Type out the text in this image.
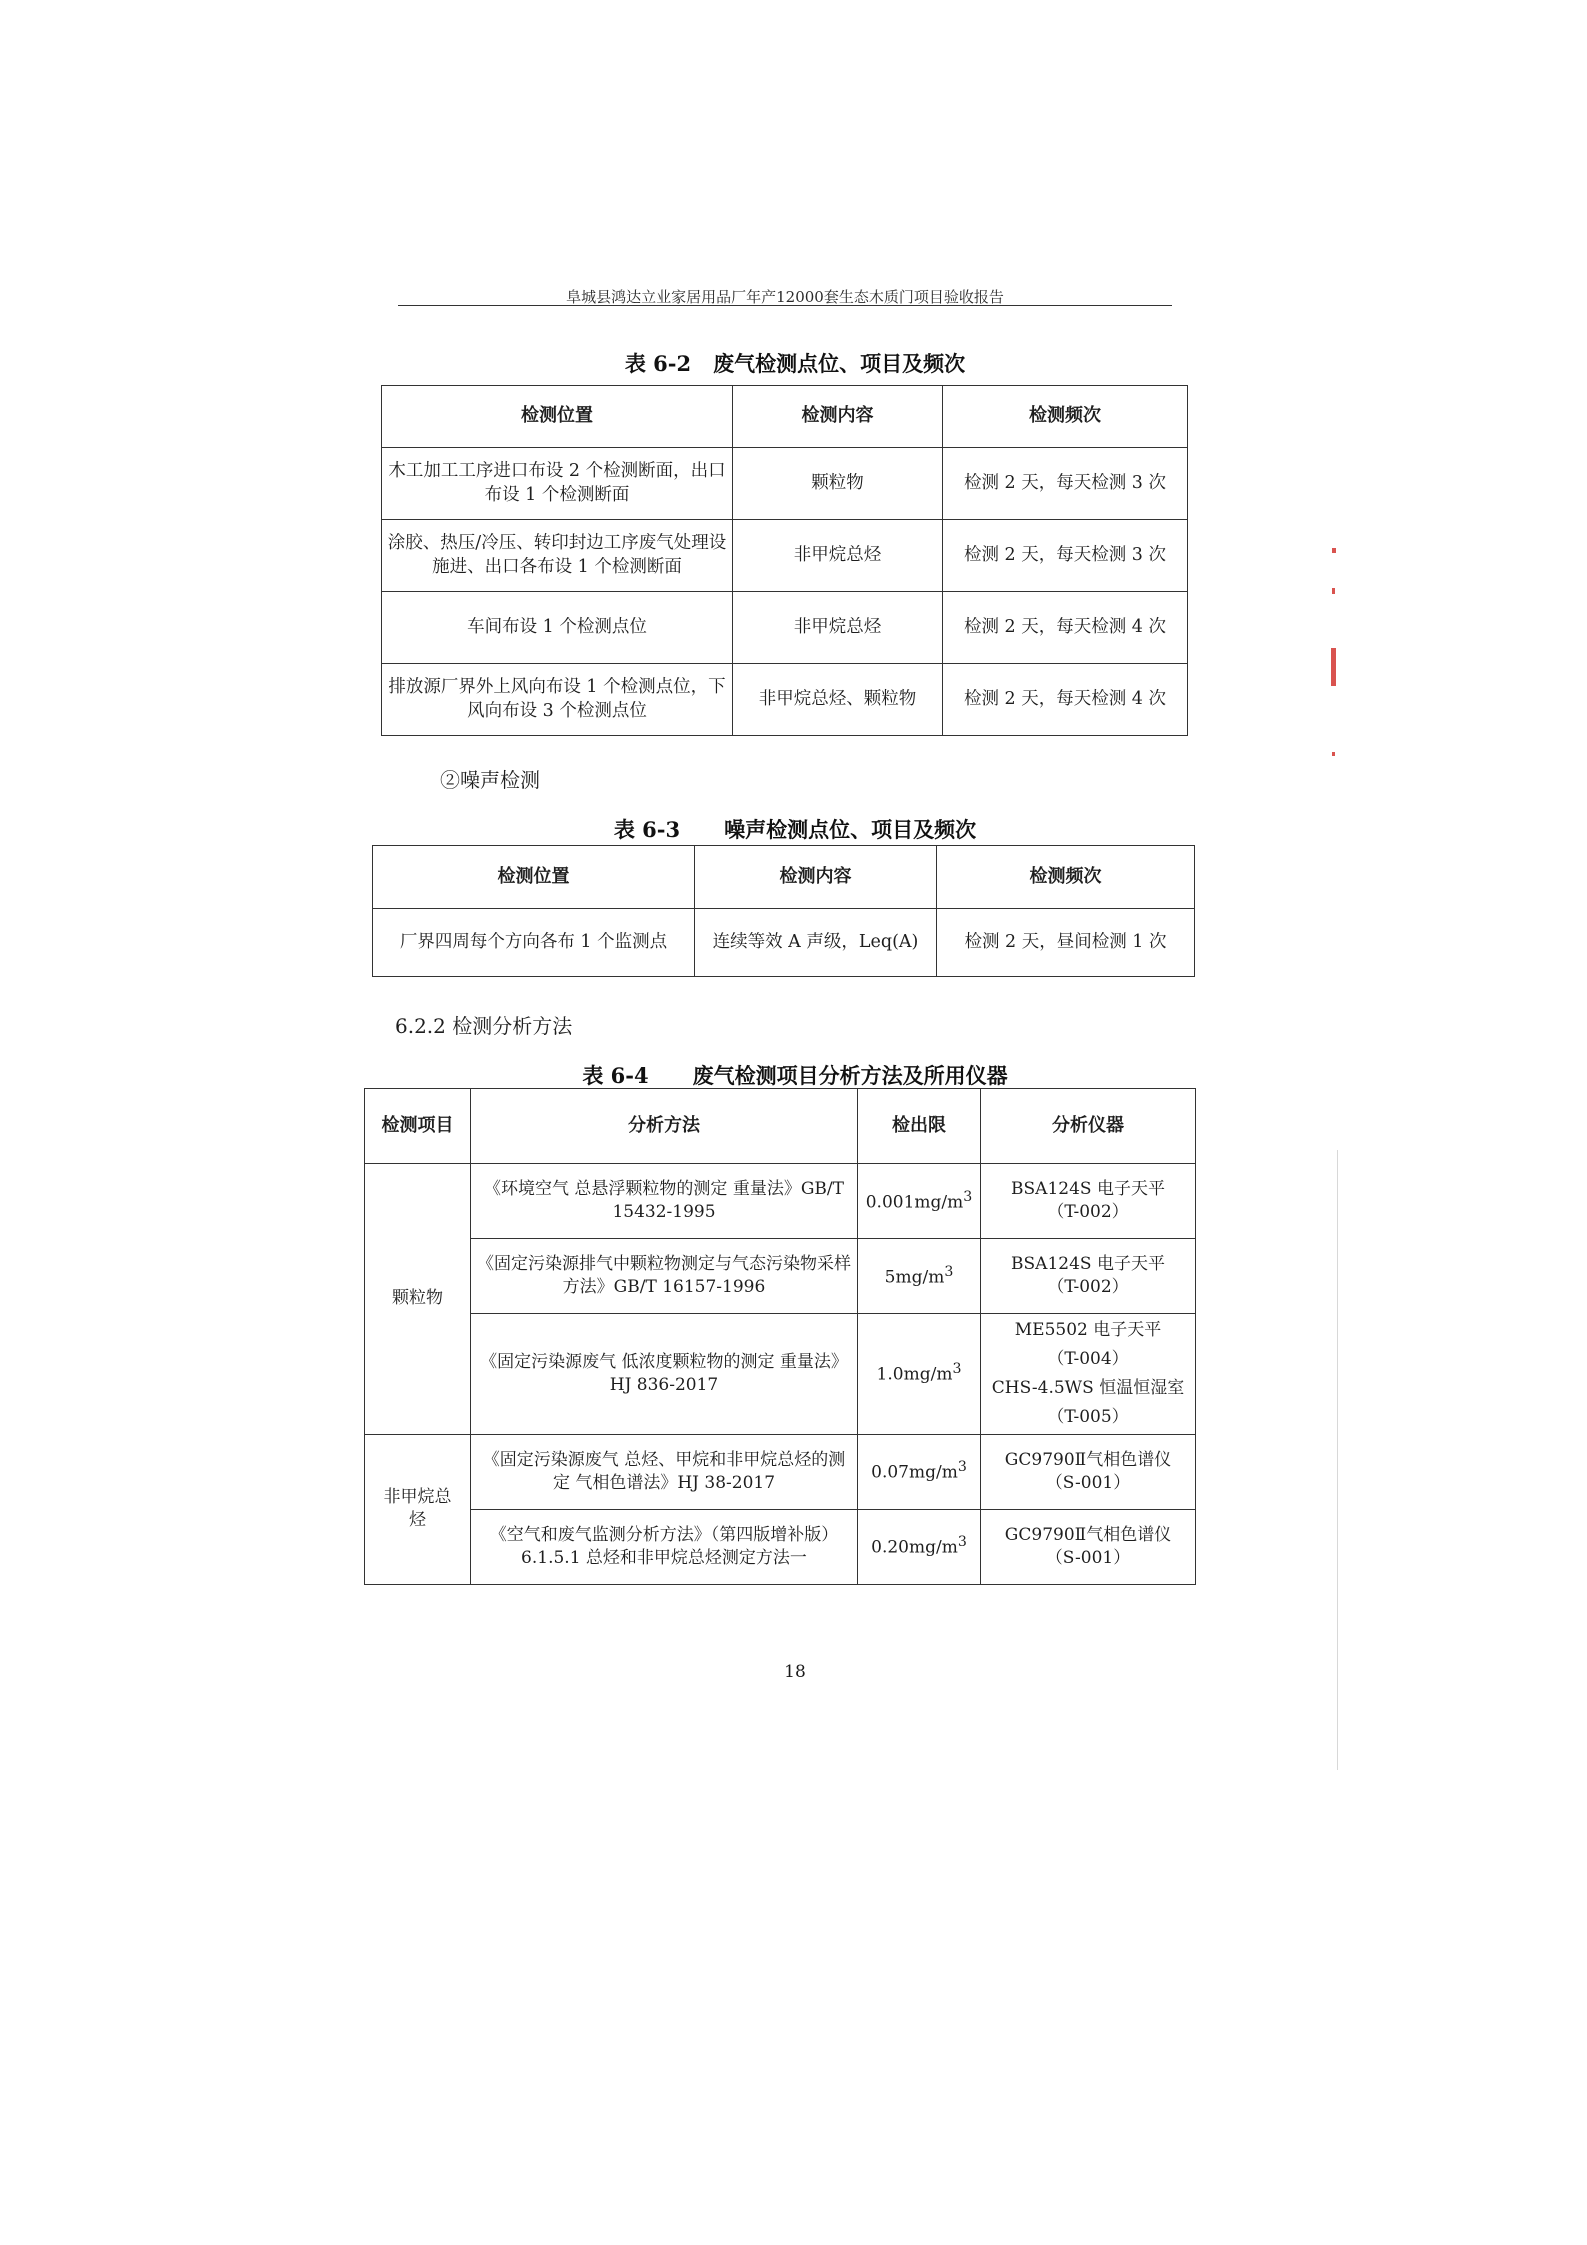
阜城县鸿达立业家居用品厂年产12000套生态木质门项目验收报告
表 6-2 废气检测点位、项目及频次
检测位置	检测内容	检测频次
木工加工工序进口布设 2 个检测断面，出口布设 1 个检测断面	颗粒物	检测 2 天，每天检测 3 次
涂胶、热压/冷压、转印封边工序废气处理设施进、出口各布设 1 个检测断面	非甲烷总烃	检测 2 天，每天检测 3 次
车间布设 1 个检测点位	非甲烷总烃	检测 2 天，每天检测 4 次
排放源厂界外上风向布设 1 个检测点位，下风向布设 3 个检测点位	非甲烷总烃、颗粒物	检测 2 天，每天检测 4 次
②噪声检测
表 6-3 噪声检测点位、项目及频次
检测位置	检测内容	检测频次
厂界四周每个方向各布 1 个监测点	连续等效 A 声级，Leq(A)	检测 2 天，昼间检测 1 次
6.2.2 检测分析方法
表 6-4 废气检测项目分析方法及所用仪器
检测项目	分析方法	检出限	分析仪器
颗粒物	《环境空气 总悬浮颗粒物的测定 重量法》GB/T 15432-1995	$0.001mg/m^3$	BSA124S 电子天平
（T-002）

	《固定污染源排气中颗粒物测定与气态污染物采样方法》GB/T 16157-1996	$5mg/m^3$	BSA124S 电子天平
（T-002）

	《固定污染源废气 低浓度颗粒物的测定 重量法》HJ 836-2017	$1.0mg/m^3$	ME5502 电子天平
（T-004）
CHS-4.5WS 恒温恒湿室
（T-005）

非甲烷总烃	《固定污染源废气 总烃、甲烷和非甲烷总烃的测定 气相色谱法》HJ 38-2017	$0.07mg/m^3$	GC9790Ⅱ气相色谱仪
（S-001）

	《空气和废气监测分析方法》（第四版增补版）6.1.5.1 总烃和非甲烷总烃测定方法一	$0.20mg/m^3$	GC9790Ⅱ气相色谱仪
（S-001）
18
